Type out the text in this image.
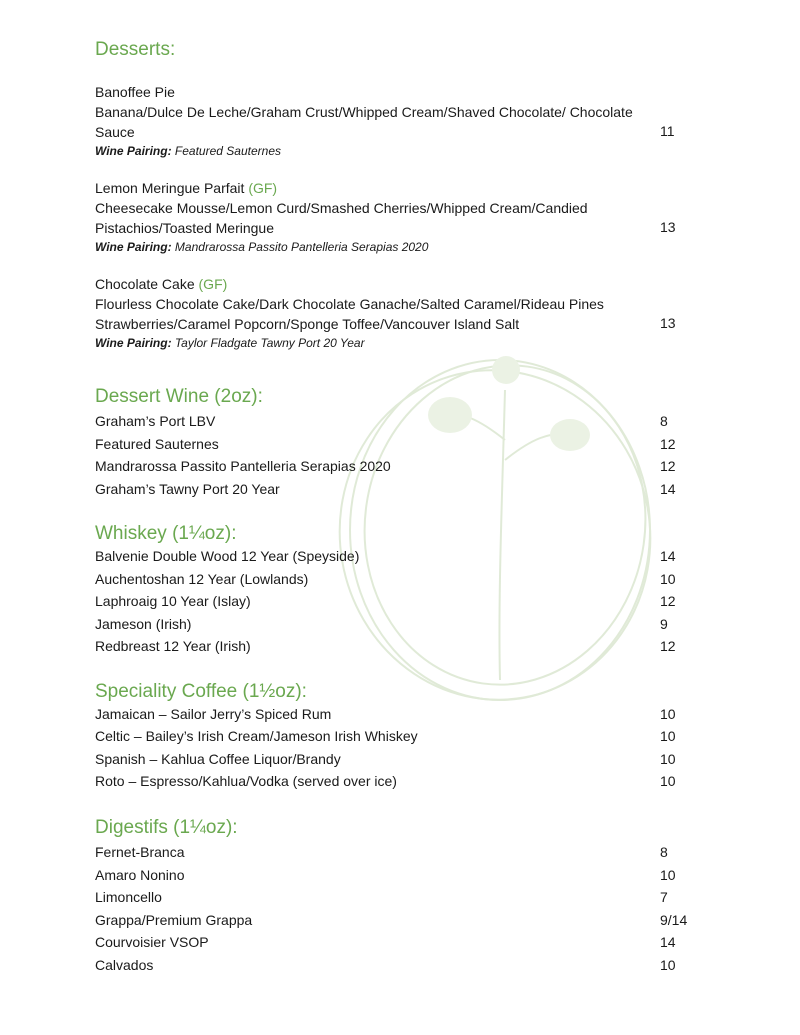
Desserts:
Banoffee Pie
Banana/Dulce De Leche/Graham Crust/Whipped Cream/Shaved Chocolate/ Chocolate Sauce	11
Wine Pairing: Featured Sauternes
Lemon Meringue Parfait (GF)
Cheesecake Mousse/Lemon Curd/Smashed Cherries/Whipped Cream/Candied Pistachios/Toasted Meringue	13
Wine Pairing: Mandrarossa Passito Pantelleria Serapias 2020
Chocolate Cake (GF)
Flourless Chocolate Cake/Dark Chocolate Ganache/Salted Caramel/Rideau Pines Strawberries/Caramel Popcorn/Sponge Toffee/Vancouver Island Salt	13
Wine Pairing: Taylor Fladgate Tawny Port 20 Year
Dessert Wine (2oz):
Graham’s Port LBV	8
Featured Sauternes	12
Mandrarossa Passito Pantelleria Serapias 2020	12
Graham’s Tawny Port 20 Year	14
Whiskey (1¼oz):
Balvenie Double Wood 12 Year (Speyside)	14
Auchentoshan 12 Year (Lowlands)	10
Laphroaig 10 Year (Islay)	12
Jameson (Irish)	9
Redbreast 12 Year (Irish)	12
Speciality Coffee (1½oz):
Jamaican – Sailor Jerry’s Spiced Rum	10
Celtic – Bailey’s Irish Cream/Jameson Irish Whiskey	10
Spanish – Kahlua Coffee Liquor/Brandy	10
Roto – Espresso/Kahlua/Vodka (served over ice)	10
Digestifs (1¼oz):
Fernet-Branca	8
Amaro Nonino	10
Limoncello	7
Grappa/Premium Grappa	9/14
Courvoisier VSOP	14
Calvados	10
